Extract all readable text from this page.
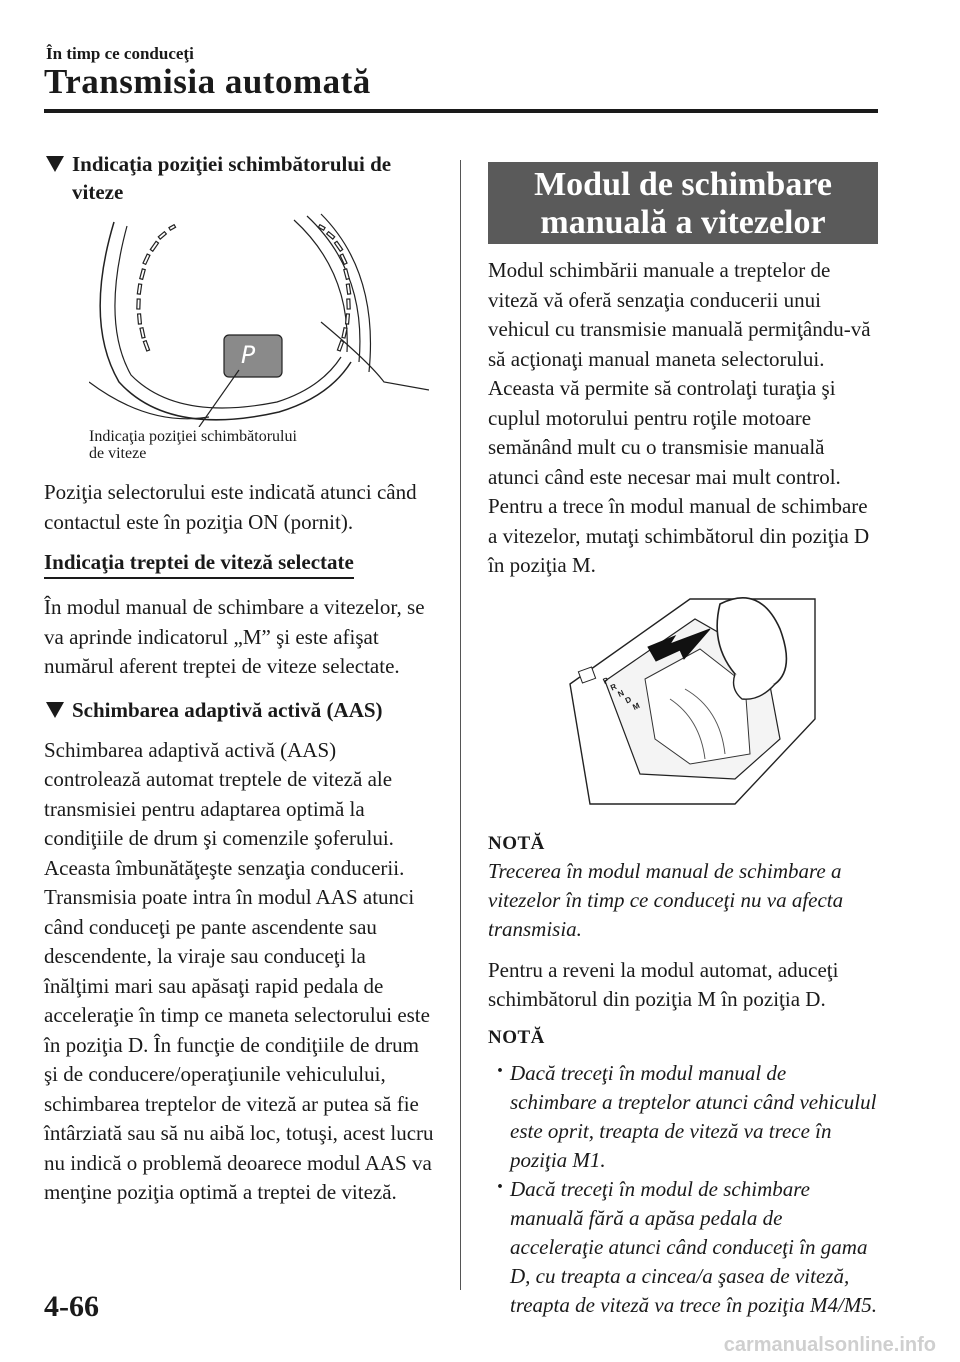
În timp ce conduceţi
Transmisia automată
Indicaţia poziţiei schimbătorului de viteze
P
Indicaţia poziţiei schimbătorului
de viteze

Poziţia selectorului este indicată atunci când contactul este în poziţia ON (pornit).

Indicaţia treptei de viteză selectate

În modul manual de schimbare a vitezelor, se va aprinde indicatorul „M” şi este afişat numărul aferent treptei de viteze selectate.

Schimbarea adaptivă activă (AAS)

Schimbarea adaptivă activă (AAS) controlează automat treptele de viteză ale transmisiei pentru adaptarea optimă la condiţiile de drum şi comenzile şoferului. Aceasta îmbunătăţeşte senzaţia conducerii. Transmisia poate intra în modul AAS atunci când conduceţi pe pante ascendente sau descendente, la viraje sau conduceţi la înălţimi mari sau apăsaţi rapid pedala de acceleraţie în timp ce maneta selectorului este în poziţia D. În funcţie de condiţiile de drum şi de conducere/operaţiunile vehiculului, schimbarea treptelor de viteză ar putea să fie întârziată sau să nu aibă loc, totuşi, acest lucru nu indică o problemă deoarece modul AAS va menţine poziţia optimă a treptei de viteză.

Modul de schimbare
manuală a vitezelor

Modul schimbării manuale a treptelor de viteză vă oferă senzaţia conducerii unui vehicul cu transmisie manuală permiţându-vă să acţionaţi manual maneta selectorului. Aceasta vă permite să controlaţi turaţia şi cuplul motorului pentru roţile motoare semănând mult cu o transmisie manuală atunci când este necesar mai mult control.

Pentru a trece în modul manual de schimbare a vitezelor, mutaţi schimbătorul din poziţia D în poziţia M.

P
R
N
D
M
NOTĂ

Trecerea în modul manual de schimbare a vitezelor în timp ce conduceţi nu va afecta transmisia.

Pentru a reveni la modul automat, aduceţi schimbătorul din poziţia M în poziţia D.

NOTĂ
· Dacă treceţi în modul manual de schimbare a treptelor atunci când vehiculul este oprit, treapta de viteză va trece în poziţia M1.
· Dacă treceţi în modul de schimbare manuală fără a apăsa pedala de acceleraţie atunci când conduceţi în gama D, cu treapta a cincea/a şasea de viteză, treapta de viteză va trece în poziţia M4/M5.
4-66
carmanualsonline.info
